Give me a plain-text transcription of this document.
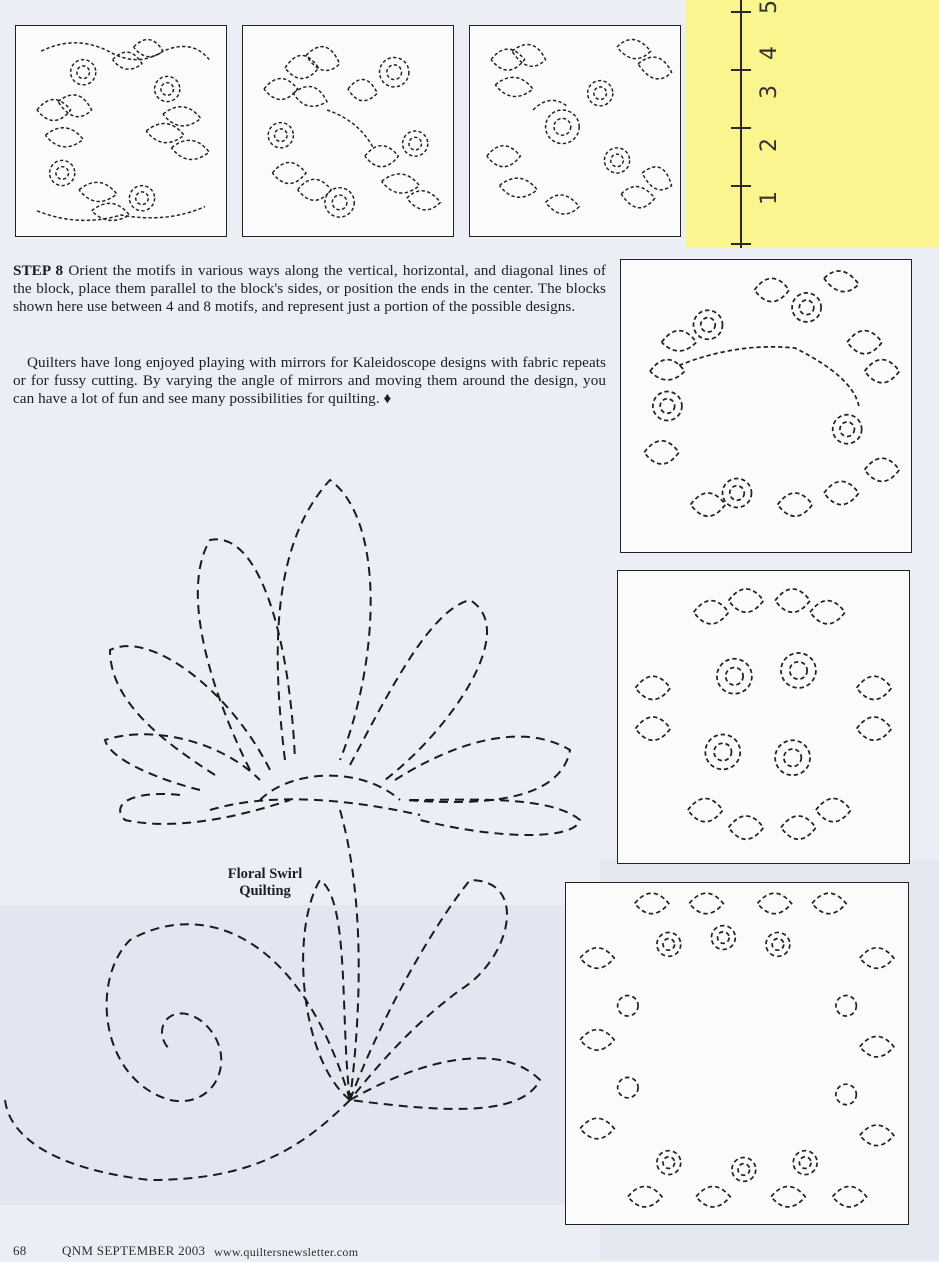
1
2
3
4
5

STEP 8 Orient the motifs in various ways along the vertical, horizontal, and diagonal lines of the block, place them parallel to the block's sides, or position the ends in the center. The blocks shown here use between 4 and 8 motifs, and represent just a portion of the possible designs.

Quilters have long enjoyed playing with mirrors for Kaleidoscope designs with fabric repeats or for fussy cutting. By varying the angle of mirrors and moving them around the design, you can have a lot of fun and see many possibilities for quilting. ♦

Floral Swirl
Quilting
68	QNM SEPTEMBER 2003 www.quiltersnewsletter.com
